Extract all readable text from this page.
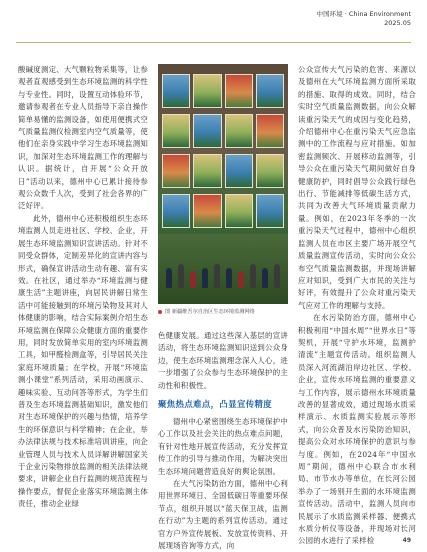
中国环境 · China Environment
2025.05

酸碱度测定、大气颗粒物采集等，让参观者直观感受到生态环境监测的科学性与专业性。同时，设置互动体验环节，邀请参观者在专业人员指导下亲自操作简单易懂的监测设备，如使用便携式空气质量监测仪检测室内空气质量等，使他们在亲身实践中学习生态环境监测知识，加深对生态环境监测工作的理解与认识。据统计，自开展“公众开放日”活动以来，德州中心已累计接待参观公众数千人次，受到了社会各界的广泛好评。

此外，德州中心还积极组织生态环境监测人员走进社区、学校、企业，开展生态环境监测知识宣讲活动。针对不同受众群体，定制差异化的宣讲内容与形式，确保宣讲活动生动有趣、富有实效。在社区，通过举办“环境监测与健康生活”主题讲座，向居民讲解日常生活中可能接触到的环境污染物及其对人体健康的影响，结合实际案例介绍生态环境监测在保障公众健康方面的重要作用，同时发放简单实用的室内环境监测工具，如甲醛检测盒等，引导居民关注家庭环境质量；在学校，开展“环境监测小课堂”系列活动，采用动画演示、趣味实验、互动问答等形式，为学生们普及生态环境监测基础知识，激发他们对生态环境保护的兴趣与热情，培养学生的环保意识与科学精神；在企业，举办法律法规与技术标准培训讲座，向企业管理人员与技术人员详解讲解国家关于企业污染物排放监测的相关法律法规要求，讲解企业自行监测的规范流程与操作要点，督促企业落实环境监测主体责任，推动企业绿

图 新疆维吾尔自治区生态环境监测网络

色健康发展。通过这些深入基层的宣讲活动，将生态环境监测知识送到公众身边，使生态环境监测理念深入人心，进一步增强了公众参与生态环境保护的主动性和积极性。

聚焦热点难点，凸显宣传精度

德州中心紧密围绕生态环境保护中心工作以及社会关注的热点难点问题，有针对性地开展宣传活动，充分发挥宣传工作的引导与推动作用，为解决突出生态环境问题营造良好的舆论氛围。

在大气污染防治方面，德州中心利用世界环境日、全国低碳日等重要环保节点，组织开展以“蓝天保卫战，监测在行动”为主题的系列宣传活动。通过官方户外宣传展板、发放宣传资料、开展现场咨询等方式，向

公众宣传大气污染的危害、来源以及德州在大气环境监测方面所采取的措施、取得的成效。同时，结合实时空气质量监测数据，向公众解读重污染天气的成因与变化趋势，介绍德州中心在重污染天气应急监测中的工作流程与应对措施。如加密监测频次、开展移动监测等，引导公众在重污染天气期间做好自身健康防护，同时倡导公众践行绿色出行、节能减排等低碳生活方式，共同为改善大气环境质量贡献力量。例如，在2023年冬季的一次重污染天气过程中，德州中心组织监测人员在市区主要广场开展空气质量监测宣传活动，实时向公众公布空气质量监测数据，并现场讲解应对知识，受到广大市民的关注与好评，有效提升了公众对重污染天气应对工作的理解与支持。

在水污染防治方面，德州中心积极利用“中国水周”“世界水日”等契机，开展“守护水环境，监测护清流”主题宣传活动。组织监测人员深入河流湖泊岸边社区、学校、企业，宣传水环境监测的重要意义与工作内容，展示德州水环境质量改善的显著成效，通过现场水质采样演示、水质监测实验展示等形式，向公众普及水污染防治知识，提高公众对水环境保护的意识与参与度。例如，在2024年“中国水周”期间，德州中心联合市水利局、市节水办等单位，在长河公园举办了一场别开生面的水环境监测宣传活动。活动中，监测人员向市民展示了水质监测采样器、便携式水质分析仪等设备，并现场对长河公园的水进行了采样检	49
